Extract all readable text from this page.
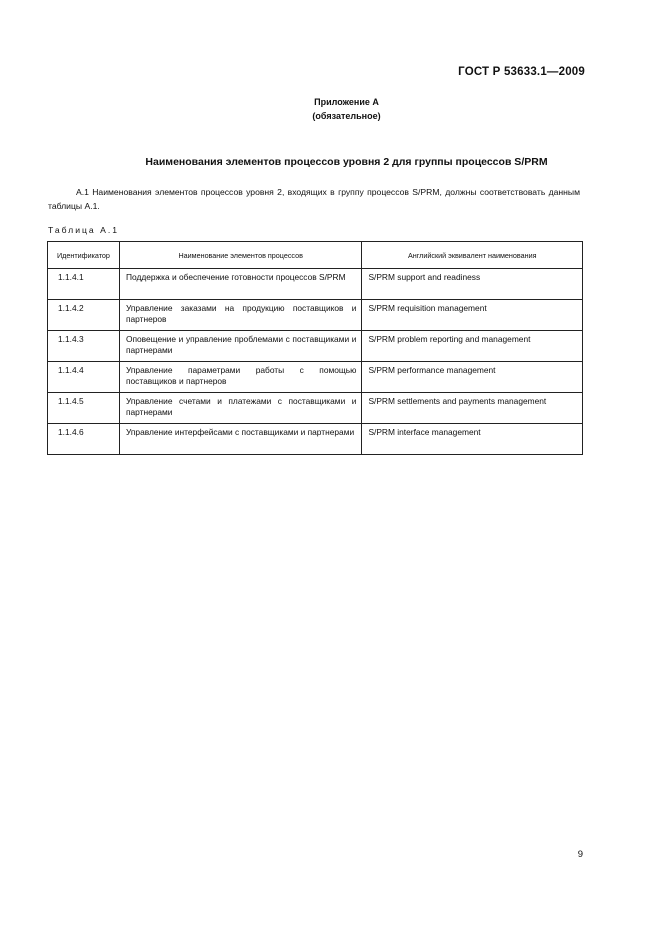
ГОСТ Р 53633.1—2009
Приложение А
(обязательное)
Наименования элементов процессов уровня 2 для группы процессов S/PRM
А.1 Наименования элементов процессов уровня 2, входящих в группу процессов S/PRM, должны соответствовать данным таблицы А.1.
Таблица А.1
Идентификатор	Наименование элементов процессов	Английский эквивалент наименования
1.1.4.1	Поддержка и обеспечение готовности процессов S/PRM	S/PRM support and readiness
1.1.4.2	Управление заказами на продукцию поставщиков и партнеров	S/PRM requisition management
1.1.4.3	Оповещение и управление проблемами с поставщиками и партнерами	S/PRM problem reporting and management
1.1.4.4	Управление параметрами работы с помощью поставщиков и партнеров	S/PRM performance management
1.1.4.5	Управление счетами и платежами с поставщиками и партнерами	S/PRM settlements and payments management
1.1.4.6	Управление интерфейсами с поставщиками и партнерами	S/PRM interface management
9
